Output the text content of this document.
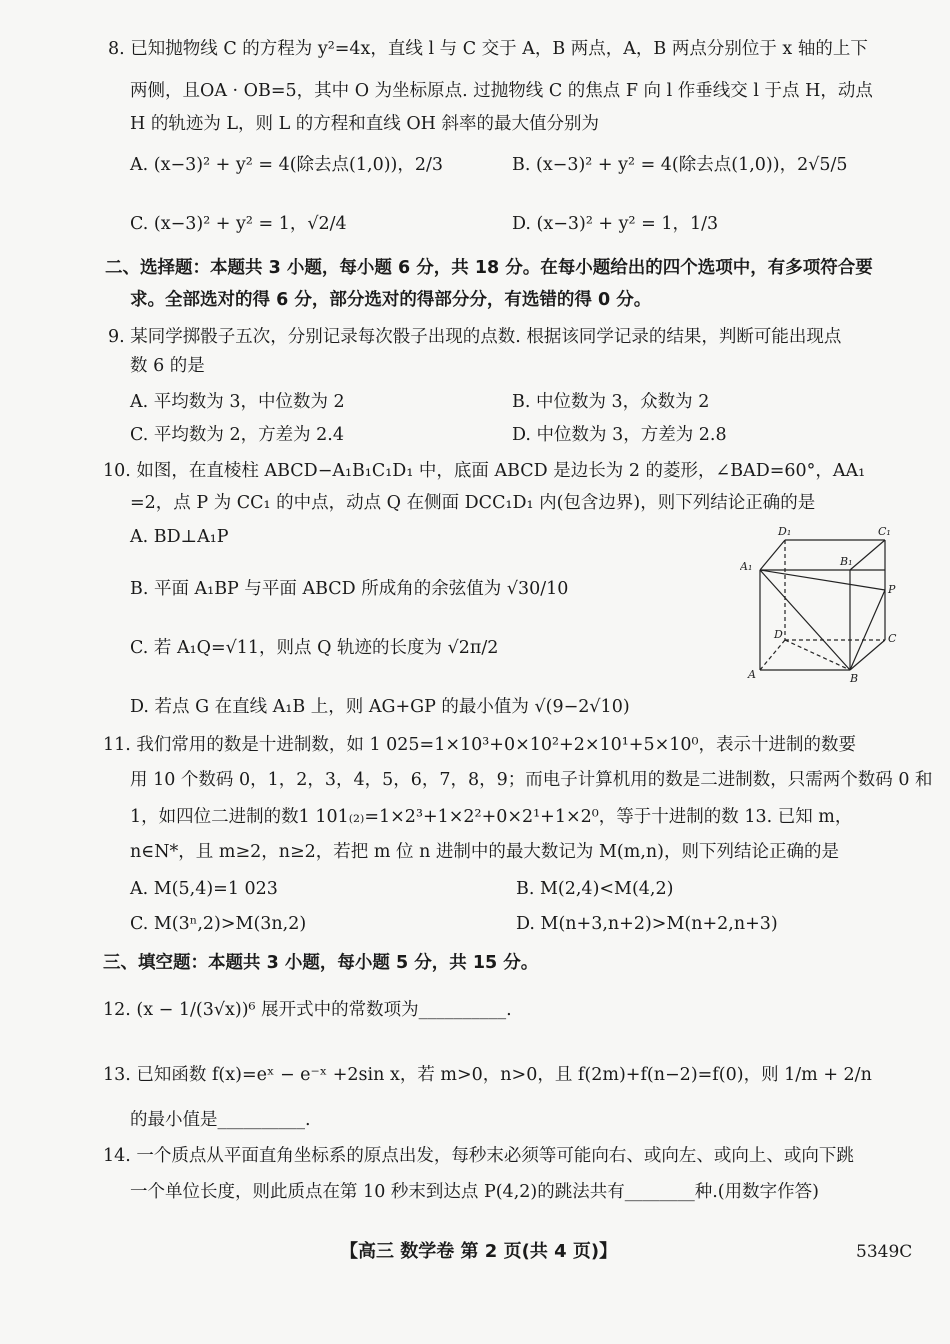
8. 已知抛物线 C 的方程为 y²=4x，直线 l 与 C 交于 A，B 两点，A，B 两点分别位于 x 轴的上下
两侧，且OA · OB=5，其中 O 为坐标原点. 过抛物线 C 的焦点 F 向 l 作垂线交 l 于点 H，动点
H 的轨迹为 L，则 L 的方程和直线 OH 斜率的最大值分别为
A. (x−3)² + y² = 4(除去点(1,0))，2/3	B. (x−3)² + y² = 4(除去点(1,0))，2√5/5
C. (x−3)² + y² = 1，√2/4	D. (x−3)² + y² = 1，1/3
二、选择题：本题共 3 小题，每小题 6 分，共 18 分。在每小题给出的四个选项中，有多项符合要
求。全部选对的得 6 分，部分选对的得部分分，有选错的得 0 分。
9. 某同学掷骰子五次，分别记录每次骰子出现的点数. 根据该同学记录的结果，判断可能出现点
数 6 的是
A. 平均数为 3，中位数为 2	B. 中位数为 3，众数为 2
C. 平均数为 2，方差为 2.4	D. 中位数为 3，方差为 2.8
10. 如图，在直棱柱 ABCD−A₁B₁C₁D₁ 中，底面 ABCD 是边长为 2 的菱形，∠BAD=60°，AA₁
=2，点 P 为 CC₁ 的中点，动点 Q 在侧面 DCC₁D₁ 内(包含边界)，则下列结论正确的是
A. BD⊥A₁P
B. 平面 A₁BP 与平面 ABCD 所成角的余弦值为 √30/10
C. 若 A₁Q=√11，则点 Q 轨迹的长度为 √2π/2
D. 若点 G 在直线 A₁B 上，则 AG+GP 的最小值为 √(9−2√10)
D₁	C₁
A₁	B₁
P
D	C
A	B
11. 我们常用的数是十进制数，如 1 025=1×10³+0×10²+2×10¹+5×10⁰，表示十进制的数要
用 10 个数码 0，1，2，3，4，5，6，7，8，9；而电子计算机用的数是二进制数，只需两个数码 0 和
1，如四位二进制的数1 101₍₂₎=1×2³+1×2²+0×2¹+1×2⁰，等于十进制的数 13. 已知 m，
n∈N*，且 m≥2，n≥2，若把 m 位 n 进制中的最大数记为 M(m,n)，则下列结论正确的是
A. M(5,4)=1 023	B. M(2,4)<M(4,2)
C. M(3ⁿ,2)>M(3n,2)	D. M(n+3,n+2)>M(n+2,n+3)
三、填空题：本题共 3 小题，每小题 5 分，共 15 分。
12. (x − 1/(3√x))⁶ 展开式中的常数项为__________.
13. 已知函数 f(x)=eˣ − e⁻ˣ +2sin x，若 m>0，n>0，且 f(2m)+f(n−2)=f(0)，则 1/m + 2/n
的最小值是__________.
14. 一个质点从平面直角坐标系的原点出发，每秒末必须等可能向右、或向左、或向上、或向下跳
一个单位长度，则此质点在第 10 秒末到达点 P(4,2)的跳法共有________种.(用数字作答)
【高三 数学卷 第 2 页(共 4 页)】	5349C
